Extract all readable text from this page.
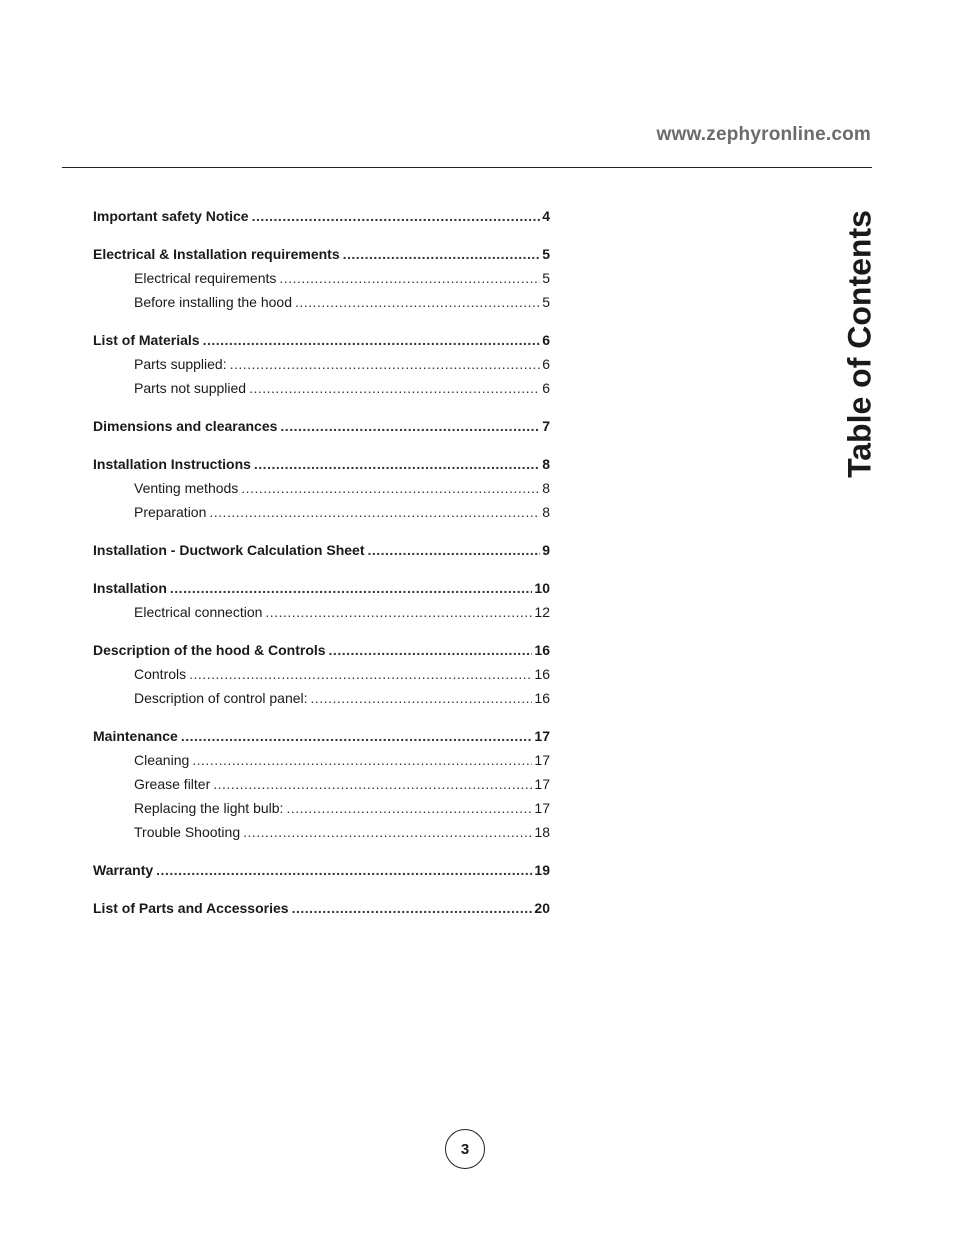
www.zephyronline.com
Table of Contents
Important safety Notice .....	4
Electrical & Installation requirements .....	5
Electrical requirements .....	5
Before installing the hood .....	5
List of Materials .....	6
Parts supplied: .....	6
Parts not supplied .....	6
Dimensions and clearances .....	7
Installation Instructions .....	8
Venting methods .....	8
Preparation .....	8
Installation - Ductwork Calculation Sheet .....	9
Installation .....	10
Electrical connection .....	12
Description of the hood & Controls .....	16
Controls .....	16
Description of control panel: .....	16
Maintenance .....	17
Cleaning .....	17
Grease filter .....	17
Replacing the light bulb: .....	17
Trouble Shooting .....	18
Warranty .....	19
List of Parts and Accessories .....	20
3
